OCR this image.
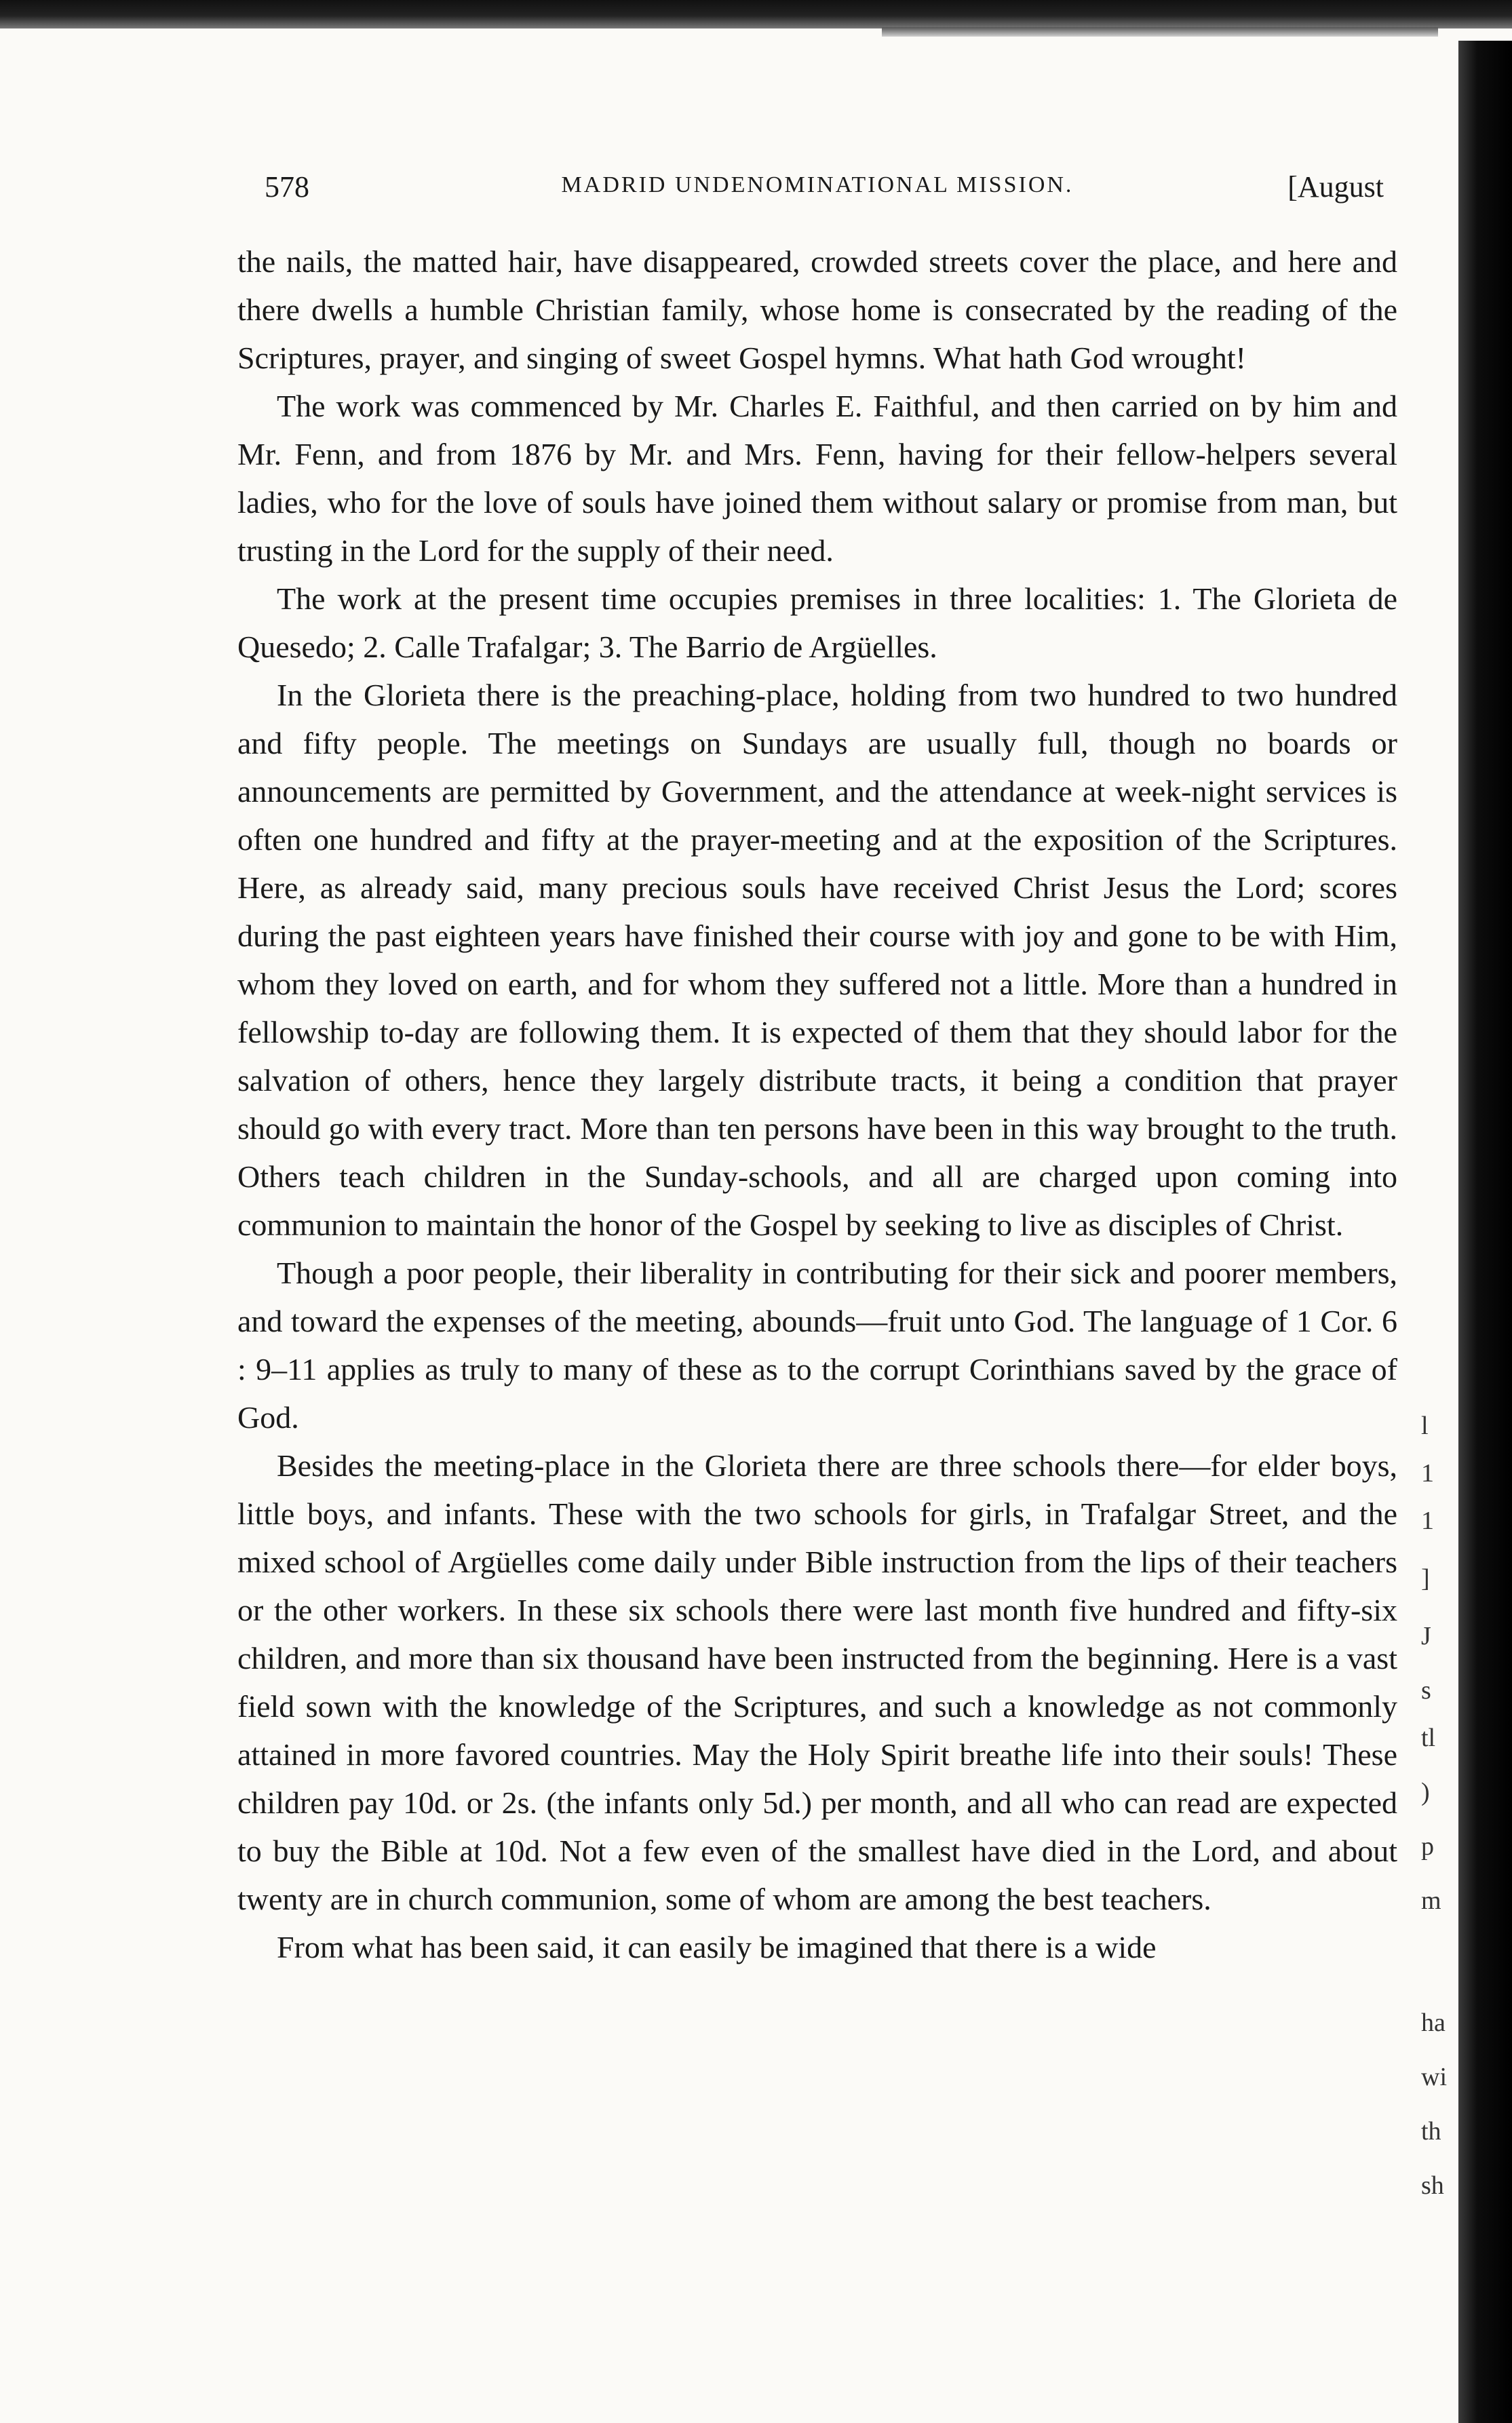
578	MADRID UNDENOMINATIONAL MISSION.	[August

the nails, the matted hair, have disappeared, crowded streets cover the place, and here and there dwells a humble Christian family, whose home is consecrated by the reading of the Scriptures, prayer, and singing of sweet Gospel hymns. What hath God wrought!

The work was commenced by Mr. Charles E. Faithful, and then carried on by him and Mr. Fenn, and from 1876 by Mr. and Mrs. Fenn, having for their fellow-helpers several ladies, who for the love of souls have joined them without salary or promise from man, but trusting in the Lord for the supply of their need.

The work at the present time occupies premises in three localities: 1. The Glorieta de Quesedo; 2. Calle Trafalgar; 3. The Barrio de Argüelles.

In the Glorieta there is the preaching-place, holding from two hundred to two hundred and fifty people. The meetings on Sundays are usually full, though no boards or announcements are permitted by Government, and the attendance at week-night services is often one hundred and fifty at the prayer-meeting and at the exposition of the Scriptures. Here, as already said, many precious souls have received Christ Jesus the Lord; scores during the past eighteen years have finished their course with joy and gone to be with Him, whom they loved on earth, and for whom they suffered not a little. More than a hundred in fellowship to-day are following them. It is expected of them that they should labor for the salvation of others, hence they largely distribute tracts, it being a condition that prayer should go with every tract. More than ten persons have been in this way brought to the truth. Others teach children in the Sunday-schools, and all are charged upon coming into communion to maintain the honor of the Gospel by seeking to live as disciples of Christ.

Though a poor people, their liberality in contributing for their sick and poorer members, and toward the expenses of the meeting, abounds—fruit unto God. The language of 1 Cor. 6 : 9–11 applies as truly to many of these as to the corrupt Corinthians saved by the grace of God.

Besides the meeting-place in the Glorieta there are three schools there—for elder boys, little boys, and infants. These with the two schools for girls, in Trafalgar Street, and the mixed school of Argüelles come daily under Bible instruction from the lips of their teachers or the other workers. In these six schools there were last month five hundred and fifty-six children, and more than six thousand have been instructed from the beginning. Here is a vast field sown with the knowledge of the Scriptures, and such a knowledge as not commonly attained in more favored countries. May the Holy Spirit breathe life into their souls! These children pay 10d. or 2s. (the infants only 5d.) per month, and all who can read are expected to buy the Bible at 10d. Not a few even of the smallest have died in the Lord, and about twenty are in church communion, some of whom are among the best teachers.

From what has been said, it can easily be imagined that there is a wide

l
1
1
]
J
s
tl
)
p
m
ha
wi
th
sh
